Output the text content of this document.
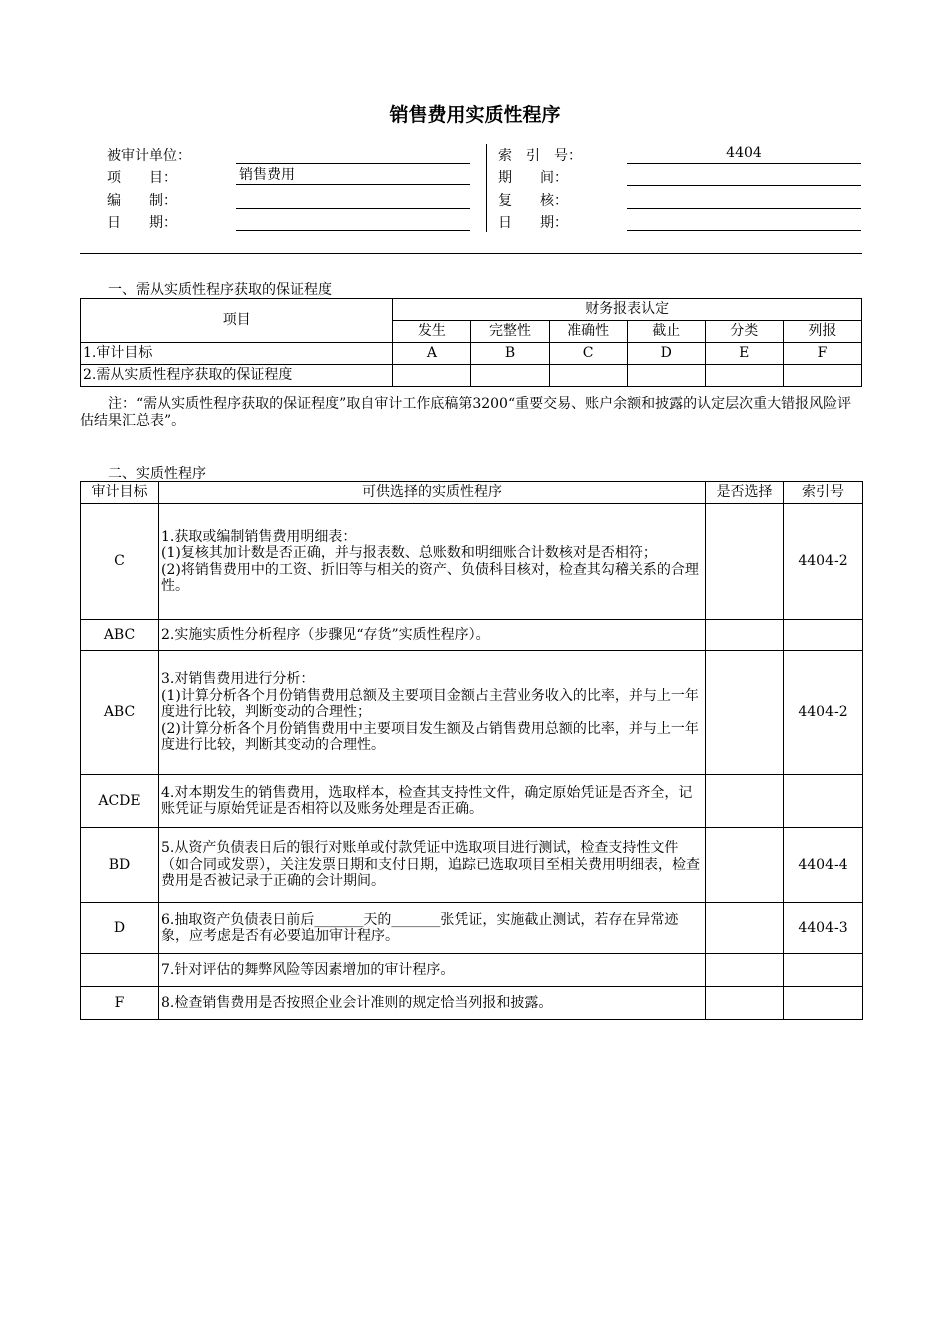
销售费用实质性程序
被审计单位：
项　　目：	销售费用
编　　制：
日　　期：
索　引　号：	4404
期　　间：
复　　核：
日　　期：
一、需从实质性程序获取的保证程度
项目	财务报表认定					
	发生	完整性	准确性	截止	分类	列报
1.审计目标	A	B	C	D	E	F
2.需从实质性程序获取的保证程度						
　　注：“需从实质性程序获取的保证程度”取自审计工作底稿第3200“重要交易、账户余额和披露的认定层次重大错报风险评估结果汇总表”。
二、实质性程序
审计目标	可供选择的实质性程序	是否选择	索引号
C	1.获取或编制销售费用明细表：
(1)复核其加计数是否正确，并与报表数、总账数和明细账合计数核对是否相符；
(2)将销售费用中的工资、折旧等与相关的资产、负债科目核对，检查其勾稽关系的合理性。		4404-2
ABC	2.实施实质性分析程序（步骤见“存货”实质性程序）。		
ABC	3.对销售费用进行分析：
(1)计算分析各个月份销售费用总额及主要项目金额占主营业务收入的比率，并与上一年度进行比较，判断变动的合理性；
(2)计算分析各个月份销售费用中主要项目发生额及占销售费用总额的比率，并与上一年度进行比较，判断其变动的合理性。		4404-2
ACDE	4.对本期发生的销售费用，选取样本，检查其支持性文件，确定原始凭证是否齐全，记账凭证与原始凭证是否相符以及账务处理是否正确。		
BD	5.从资产负债表日后的银行对账单或付款凭证中选取项目进行测试，检查支持性文件（如合同或发票），关注发票日期和支付日期，追踪已选取项目至相关费用明细表，检查费用是否被记录于正确的会计期间。		4404-4
D	6.抽取资产负债表日前后_______天的_______张凭证，实施截止测试，若存在异常迹象，应考虑是否有必要追加审计程序。		4404-3
	7.针对评估的舞弊风险等因素增加的审计程序。		
F	8.检查销售费用是否按照企业会计准则的规定恰当列报和披露。		
